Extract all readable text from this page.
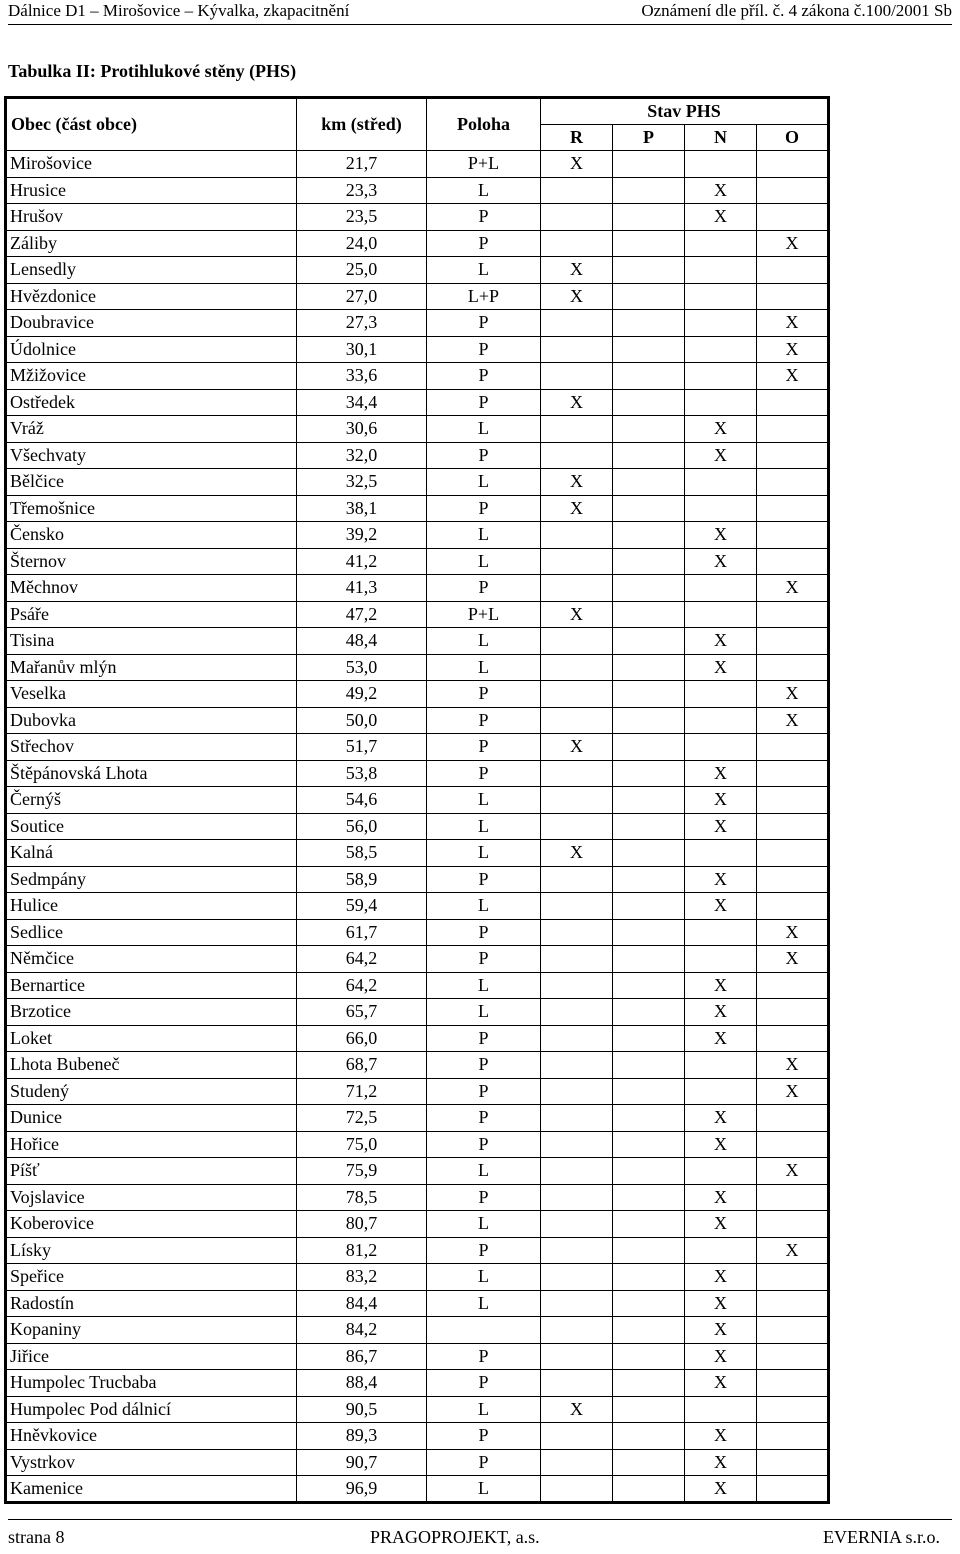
Dálnice D1 – Mirošovice – Kývalka, zkapacitnění	Oznámení dle příl. č. 4 zákona č.100/2001 Sb
Tabulka II: Protihlukové stěny (PHS)
Obec (část obce)	km (střed)	Poloha	Stav PHS			
			R	P	N	O
Mirošovice	21,7	P+L	X			
Hrusice	23,3	L			X	
Hrušov	23,5	P			X	
Záliby	24,0	P				X
Lensedly	25,0	L	X			
Hvězdonice	27,0	L+P	X			
Doubravice	27,3	P				X
Údolnice	30,1	P				X
Mžižovice	33,6	P				X
Ostředek	34,4	P	X			
Vráž	30,6	L			X	
Všechvaty	32,0	P			X	
Bělčice	32,5	L	X			
Třemošnice	38,1	P	X			
Čensko	39,2	L			X	
Šternov	41,2	L			X	
Měchnov	41,3	P				X
Psáře	47,2	P+L	X			
Tisina	48,4	L			X	
Mařanův mlýn	53,0	L			X	
Veselka	49,2	P				X
Dubovka	50,0	P				X
Střechov	51,7	P	X			
Štěpánovská Lhota	53,8	P			X	
Černýš	54,6	L			X	
Soutice	56,0	L			X	
Kalná	58,5	L	X			
Sedmpány	58,9	P			X	
Hulice	59,4	L			X	
Sedlice	61,7	P				X
Němčice	64,2	P				X
Bernartice	64,2	L			X	
Brzotice	65,7	L			X	
Loket	66,0	P			X	
Lhota Bubeneč	68,7	P				X
Studený	71,2	P				X
Dunice	72,5	P			X	
Hořice	75,0	P			X	
Píšť	75,9	L				X
Vojslavice	78,5	P			X	
Koberovice	80,7	L			X	
Lísky	81,2	P				X
Speřice	83,2	L			X	
Radostín	84,4	L			X	
Kopaniny	84,2				X	
Jiřice	86,7	P			X	
Humpolec Trucbaba	88,4	P			X	
Humpolec Pod dálnicí	90,5	L	X			
Hněvkovice	89,3	P			X	
Vystrkov	90,7	P			X	
Kamenice	96,9	L			X	
strana 8	PRAGOPROJEKT, a.s.	EVERNIA s.r.o.
